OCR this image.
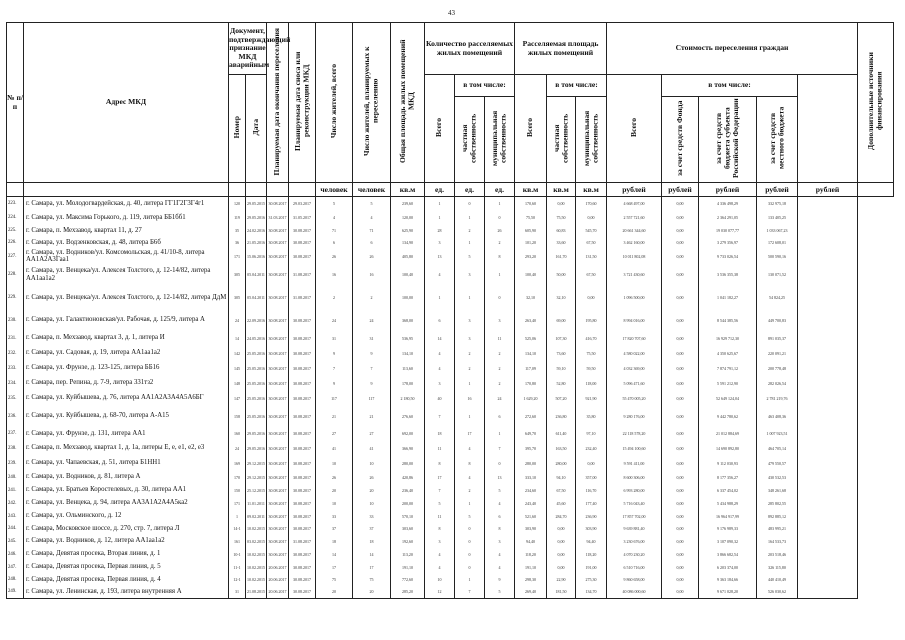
43
№ п/п	Адрес МКД	Документ, подтверждающий признание МКД аварийным		Планируемая дата окончания переселения	Планируемая дата сноса или реконструкции МКД	Число жителей, всего	Число жителей, планируемых к переселению	Общая площадь жилых помещений МКД	Количество расселяемых жилых помещений			Расселяемая площадь жилых помещений			Стоимость переселения граждан					Дополнительные источники финансирования
		Номер	Дата						Всего	в том числе:		Всего	в том числе:		Всего	в том числе:				
										частная собственность	муниципальная собственность		частная собственность	муниципальная собственность		за счет средств Фонда	за счет средств бюджета субъекта Российской Федерации	за счет средств местного бюджета		
						человек	человек	кв.м	ед.	ед.	ед.	кв.м	кв.м	кв.м	рублей	рублей	рублей	рублей	рублей	
223.	г. Самара, ул. Молодогвардейская, д. 40, литера ГГ1Г2Г3Г4г1	120	29.05.2015	30.08.2017	29.03.2017	5	5	239,60	1	0	1	170,60	0,00	170,60	4 668 497,00	0,00	4 336 498,29	332 975,18		
224.	г. Самара, ул. Максима Горького, д. 119, литера ББ1бб1	119	29.05.2016	31.03.2017	31.05.2017	4	4	120,00	1	1	0	75,50	75,50	0,00	2 557 721,60	0,00	2 364 291,05	133 405,25		
225.	г. Самара, п. Мехзавод, квартал 11, д. 27	35	24.02.2016	30.08.2017	30.08.2017	71	71	625,90	28	2	26	605,90	60,83	545,70	20 661 344,60	0,00	19 030 077,77	1 033 067,23		
226.	г. Самара, ул. Водзенковская, д. 48, литера Б6б	36	21.05.2016	30.08.2017	30.08.2017	6	6	134,90	3	1	2	101,20	33,60	67,50	3 462 160,00	0,00	3 279 356,97	172 608,01		
227.	г. Самара, ул. Водников/ул. Комсомольская, д. 41/10-8, литера АА1А2А3Гаа1	171	15.06.2016	30.08.2017	30.08.2017	26	26	405,80	13	5	8	293,20	161,70	131,50	10 011 802,08	0,00	9 733 026,54	500 590,16		
228.	г. Самара, ул. Венцека/ул. Алексея Толстого, д. 12-14/82, литера АА1аа1а2	305	05.04.2011	30.08.2017	31.08.2017	16	16	100,40	4	3	1	100,40	50,00	67,50	3 721 430,60	0,00	3 536 355,38	130 071,52		
229.	г. Самара, ул. Венцека/ул. Алексея Толстого, д. 12-14/82, литера ДдМ	305	05.04.2011	30.08.2017	31.08.2017	2	2	100,00	1	1	0	32,10	32,10	0,00	1 096 500,00	0,00	1 041 182,27	54 824,25		
230.	г. Самара, ул. Галактионовская/ул. Рабочая, д. 125/9, литера А	24	22.09.2016	30.08.2017	30.08.2017	24	24	368,00	6	3	3	263,40	69,00	195,80	8 994 016,00	0,00	8 544 385,56	449 700,83		
231.	г. Самара, п. Мехзавод, квартал 3, д. 1, литера И	14	24.05.2016	30.08.2017	30.08.2017	31	31	536,95	14	3	11	525,06	107,30	416,70	17 820 707,60	0,00	16 929 712,30	891 035,37		
232.	г. Самара, ул. Садовая, д. 19, литера АА1аа1а2	142	25.05.2016	30.08.2017	30.08.2017	9	9	134,10	4	2	2	134,10	73,60	75,50	4 580 022,00	0,00	4 350 625,67	220 091,21		
233.	г. Самара, ул. Фрунзе, д. 123-125, литера ББ16	145	25.05.2016	30.08.2017	30.08.2017	7	7	113,60	4	2	2	117,09	59,10	59,50	4 032 369,00	0,00	7 874 791,12	200 778,48		
234.	г. Самара, пер. Репина, д. 7-9, литера 331тз2	148	25.05.2016	30.08.2017	30.08.2017	9	9	178,00	3	1	2	170,80	52,80	118,00	5 096 471,60	0,00	5 591 212,90	282 026,54		
235.	г. Самара, ул. Куйбышева, д. 76, литера АА1А2А3А4А5А6БГ	147	25.05.2016	30.08.2017	30.08.2017	117	117	2 180,50	40	16	24	1 629,20	507,20	921,90	55 470 005,20	0,00	52 649 124,04	2 781 219,76		
236.	г. Самара, ул. Куйбышева, д. 68-70, литера А-А15	158	25.05.2016	30.08.2017	30.08.2017	21	21	276,60	7	1	6	272,60	236,80	35,80	9 280 176,00	0,00	9 442 780,62	463 408,36		
237.	г. Самара, ул. Фрунзе, д. 131, литера АА1	160	29.05.2016	30.08.2017	30.08.2017	27	27	692,00	18	17	1	649,70	611,40	97,10	22 118 578,20	0,00	21 012 884,69	1 007 923,51		
238.	г. Самара, п. Мехзавод, квартал 1, д. 1а, литеры Е, е, е1, е2, е3	24	29.05.2016	30.08.2017	30.08.2017	41	41	366,90	11	4	7	395,70	163,50	232,40	15 494 100,60	0,00	14 690 892,80	464 705,14		
239.	г. Самара, ул. Чапаевская, д. 51, литера Б1НН1	169	29.12.2015	30.08.2017	30.08.2017	10	10	280,00	8	8	0	280,00	280,00	0,00	9 591 411,00	0,00	9 112 030,93	479 550,57		
240.	г. Самара, ул. Водников, д. 81, литера А	170	29.12.2015	30.08.2017	30.08.2017	26	26	420,86	17	4	13	333,10	94,10	357,00	8 600 306,00	0,00	8 177 356,27	430 532,53		
241.	г. Самара, ул. Братьев Коростелевых, д. 30, литера АА1	150	25.12.2015	30.08.2017	30.08.2017	20	20	236,40	7	2	5	234,60	67,50	116,70	6 993 280,00	0,00	6 337 454,02	348 261,68		
242.	г. Самара, ул. Венцека, д. 94, литера АА3А1А2А4А5ка2	171	11.01.2011	30.08.2017	30.08.2017	10	10	200,00	5	1	4	243,40	45,60	177,40	5 716 043,40	0,00	5 434 988,29	285 802,55		
243.	г. Самара, ул. Ольминского, д. 12	1	09.02.2011	30.08.2017	30.08.2017	33	33	570,10	11	5	6	521,60	284,70	236,90	17 857 702,00	0,00	16 964 917,99	892 885,12		
244.	г. Самара, Московское шоссе, д. 270, стр. 7, литера Л	14-1	10.02.2015	30.08.2017	30.08.2017	37	37	303,60	8	0	8	303,90	0,00	303,90	9 639 881,40	0,00	9 176 989,33	483 995,21		
245.	г. Самара, ул. Водников, д. 12, литера АА1аа1а2	161	03.02.2015	30.08.2017	31.08.2017	18	18	192,60	3	0	3	94,40	0,00	94,40	3 230 676,00	0,00	3 107 090,32	164 533,73		
246.	г. Самара, Девятая просека, Вторая линия, д. 1	10-1	10.02.2015	30.06.2017	30.08.2017	14	14	113,20	4	0	4	118,20	0,00	118,20	4 070 230,20	0,00	3 866 682,54	203 518,46		
247.	г. Самара, Девятая просека, Первая линия, д. 5	11-1	10.02.2015	20.06.2017	30.08.2017	17	17	191,10	4	0	4	191,10	0,00	191,00	6 510 716,00	0,00	6 203 374,00	326 115,80		
248.	г. Самара, Девятая просека, Первая линия, д. 4	12-1	10.02.2015	20.06.2017	30.08.2017	75	75	772,60	10	1	9	298,30	22,90	275,30	9 860 658,00	0,00	9 363 184,66	440 410,49		
249.	г. Самара, ул. Ленинская, д. 193, литера внутренняя А	31	21.08.2015	20.06.2017	30.08.2017	20	20	285,20	12	7	5	269,40	181,50	134,70	40 086 000,60	0,00	9 671 028,20	526 030,62		
